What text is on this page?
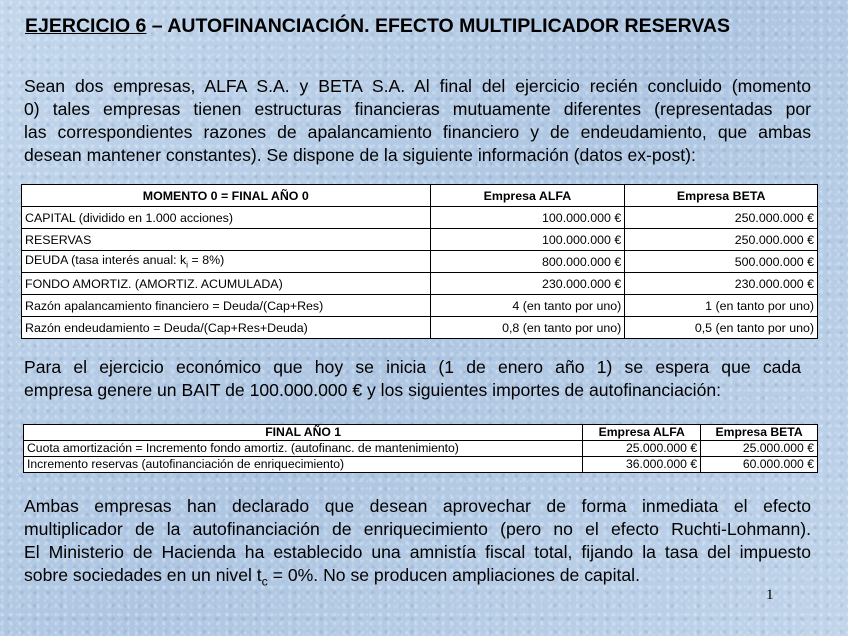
EJERCICIO 6 – AUTOFINANCIACIÓN. EFECTO MULTIPLICADOR RESERVAS

Sean dos empresas, ALFA S.A. y BETA S.A. Al final del ejercicio recién concluido (momento
0) tales empresas tienen estructuras financieras mutuamente diferentes (representadas por
las correspondientes razones de apalancamiento financiero y de endeudamiento, que ambas
desean mantener constantes). Se dispone de la siguiente información (datos ex-post):

MOMENTO 0 = FINAL AÑO 0	Empresa ALFA	Empresa BETA
CAPITAL (dividido en 1.000 acciones)	100.000.000 €	250.000.000 €
RESERVAS	100.000.000 €	250.000.000 €
DEUDA (tasa interés anual: $k_i = 8\%$)	800.000.000 €	500.000.000 €
FONDO AMORTIZ. (AMORTIZ. ACUMULADA)	230.000.000 €	230.000.000 €
Razón apalancamiento financiero = Deuda/(Cap+Res)	4 (en tanto por uno)	1 (en tanto por uno)
Razón endeudamiento = Deuda/(Cap+Res+Deuda)	0,8 (en tanto por uno)	0,5 (en tanto por uno)

Para el ejercicio económico que hoy se inicia (1 de enero año 1) se espera que cada
empresa genere un BAIT de 100.000.000 € y los siguientes importes de autofinanciación:

FINAL AÑO 1	Empresa ALFA	Empresa BETA
Cuota amortización = Incremento fondo amortiz. (autofinanc. de mantenimiento)	25.000.000 €	25.000.000 €
Incremento reservas (autofinanciación de enriquecimiento)	36.000.000 €	60.000.000 €

Ambas empresas han declarado que desean aprovechar de forma inmediata el efecto
multiplicador de la autofinanciación de enriquecimiento (pero no el efecto Ruchti-Lohmann).
El Ministerio de Hacienda ha establecido una amnistía fiscal total, fijando la tasa del impuesto
sobre sociedades en un nivel $t_c = 0\%$. No se producen ampliaciones de capital.

1
